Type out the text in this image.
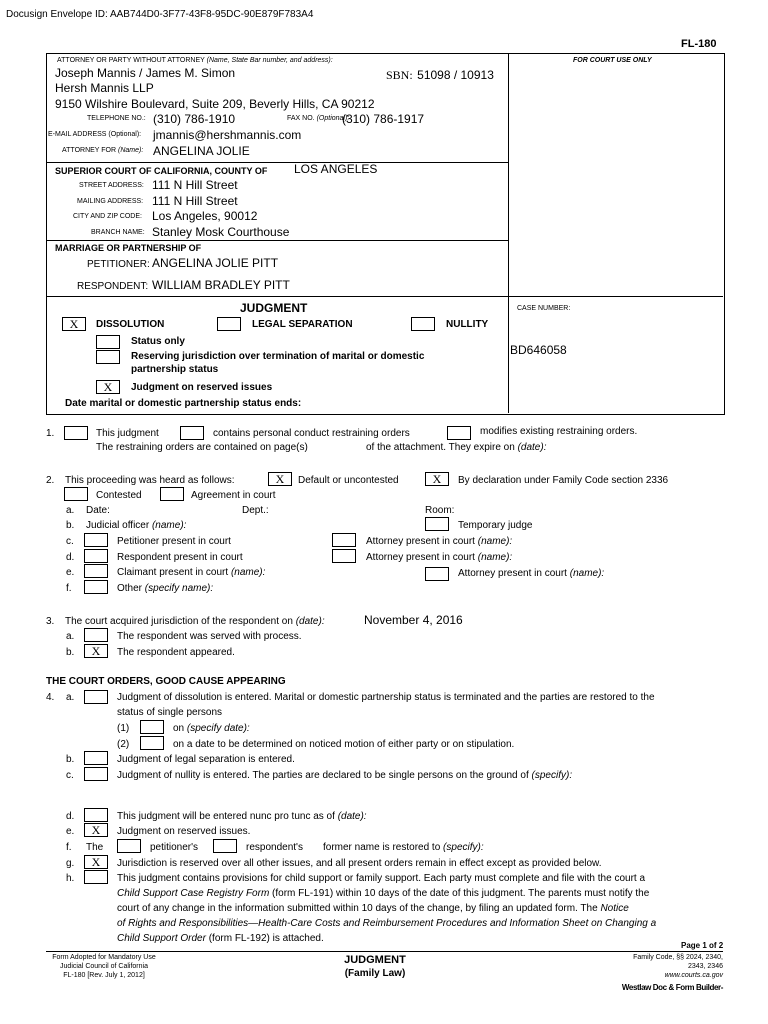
Docusign Envelope ID: AAB744D0-3F77-43F8-95DC-90E879F783A4
FL-180
ATTORNEY OR PARTY WITHOUT ATTORNEY (Name, State Bar number, and address):
Joseph Mannis / James M. Simon	SBN: 51098 / 10913
Hersh Mannis LLP
9150 Wilshire Boulevard, Suite 209, Beverly Hills, CA 90212
TELEPHONE NO.: (310) 786-1910	FAX NO. (Optional):
(310) 786-1917
E-MAIL ADDRESS (Optional): jmannis@hershmannis.com
ATTORNEY FOR (Name): ANGELINA JOLIE
FOR COURT USE ONLY
SUPERIOR COURT OF CALIFORNIA, COUNTY OF LOS ANGELES
STREET ADDRESS: 111 N Hill Street
MAILING ADDRESS: 111 N Hill Street
CITY AND ZIP CODE: Los Angeles, 90012
BRANCH NAME: Stanley Mosk Courthouse
MARRIAGE OR PARTNERSHIP OF
PETITIONER: ANGELINA JOLIE PITT
RESPONDENT: WILLIAM BRADLEY PITT
JUDGMENT
X	DISSOLUTION	LEGAL SEPARATION	NULLITY
Status only
Reserving jurisdiction over termination of marital or domestic
partnership status
X	Judgment on reserved issues
Date marital or domestic partnership status ends:
CASE NUMBER:
BD646058
1.	This judgment	contains personal conduct restraining orders	modifies existing restraining orders.
The restraining orders are contained on page(s)	of the attachment. They expire on (date):
2. This proceeding was heard as follows:	X	Default or uncontested	X	By declaration under Family Code section 2336
Contested	Agreement in court
a. Date:	Dept.:	Room:
b. Judicial officer (name):	Temporary judge
c.	Petitioner present in court	Attorney present in court (name):
d.	Respondent present in court	Attorney present in court (name):
e.	Claimant present in court (name):	Attorney present in court (name):
f.	Other (specify name):
3. The court acquired jurisdiction of the respondent on (date):	November 4, 2016
a.	The respondent was served with process.
b.	X	The respondent appeared.
THE COURT ORDERS, GOOD CAUSE APPEARING
4. a.	Judgment of dissolution is entered. Marital or domestic partnership status is terminated and the parties are restored to the
status of single persons
(1)	on (specify date):
(2)	on a date to be determined on noticed motion of either party or on stipulation.
b.	Judgment of legal separation is entered.
c.	Judgment of nullity is entered. The parties are declared to be single persons on the ground of (specify):
d.	This judgment will be entered nunc pro tunc as of (date):
e.	X	Judgment on reserved issues.
f. The	petitioner's	respondent's former name is restored to (specify):
g.	X	Jurisdiction is reserved over all other issues, and all present orders remain in effect except as provided below.
h.	This judgment contains provisions for child support or family support. Each party must complete and file with the court a
Child Support Case Registry Form (form FL-191) within 10 days of the date of this judgment. The parents must notify the
court of any change in the information submitted within 10 days of the change, by filing an updated form. The Notice
of Rights and Responsibilities—Health-Care Costs and Reimbursement Procedures and Information Sheet on Changing a
Child Support Order (form FL-192) is attached.
Page 1 of 2
Form Adopted for Mandatory Use
Judicial Council of California
FL-180 [Rev. July 1, 2012]
JUDGMENT
(Family Law)
Family Code, §§ 2024, 2340,
2343, 2346
www.courts.ca.gov
Westlaw Doc & Form Builder-
